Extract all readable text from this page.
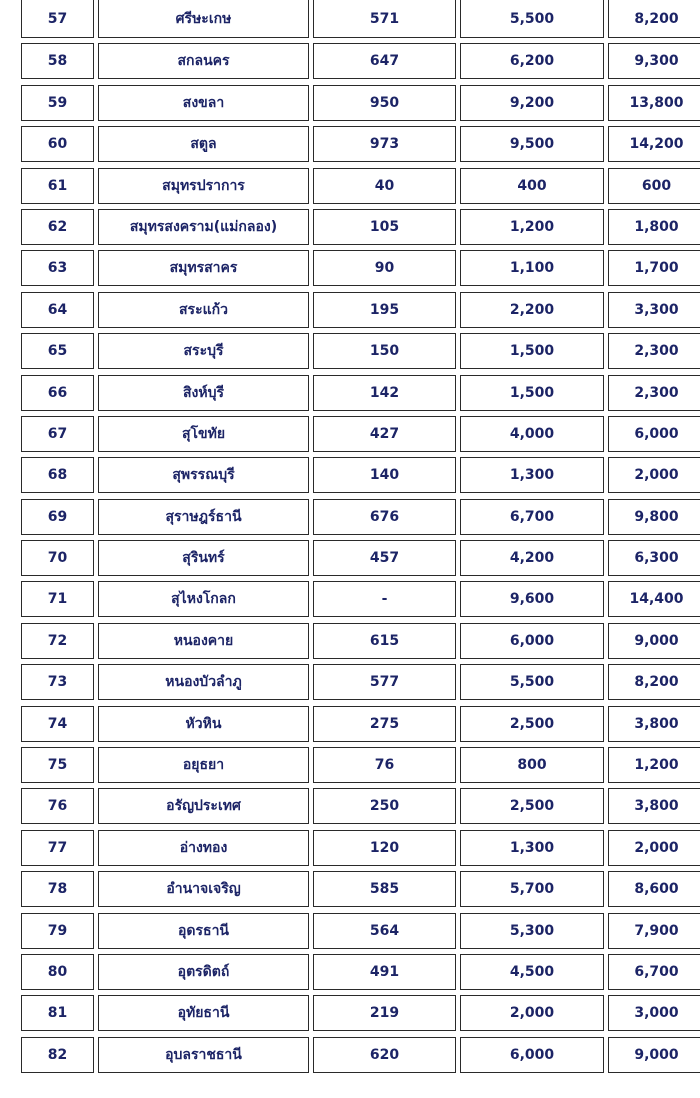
57	ศรีษะเกษ	571	5,500	8,200
58	สกลนคร	647	6,200	9,300
59	สงขลา	950	9,200	13,800
60	สตูล	973	9,500	14,200
61	สมุทรปราการ	40	400	600
62	สมุทรสงคราม(แม่กลอง)	105	1,200	1,800
63	สมุทรสาคร	90	1,100	1,700
64	สระแก้ว	195	2,200	3,300
65	สระบุรี	150	1,500	2,300
66	สิงห์บุรี	142	1,500	2,300
67	สุโขทัย	427	4,000	6,000
68	สุพรรณบุรี	140	1,300	2,000
69	สุราษฎร์ธานี	676	6,700	9,800
70	สุรินทร์	457	4,200	6,300
71	สุไหงโกลก	-	9,600	14,400
72	หนองคาย	615	6,000	9,000
73	หนองบัวลำภู	577	5,500	8,200
74	หัวหิน	275	2,500	3,800
75	อยุธยา	76	800	1,200
76	อรัญประเทศ	250	2,500	3,800
77	อ่างทอง	120	1,300	2,000
78	อำนาจเจริญ	585	5,700	8,600
79	อุดรธานี	564	5,300	7,900
80	อุตรดิตถ์	491	4,500	6,700
81	อุทัยธานี	219	2,000	3,000
82	อุบลราชธานี	620	6,000	9,000
